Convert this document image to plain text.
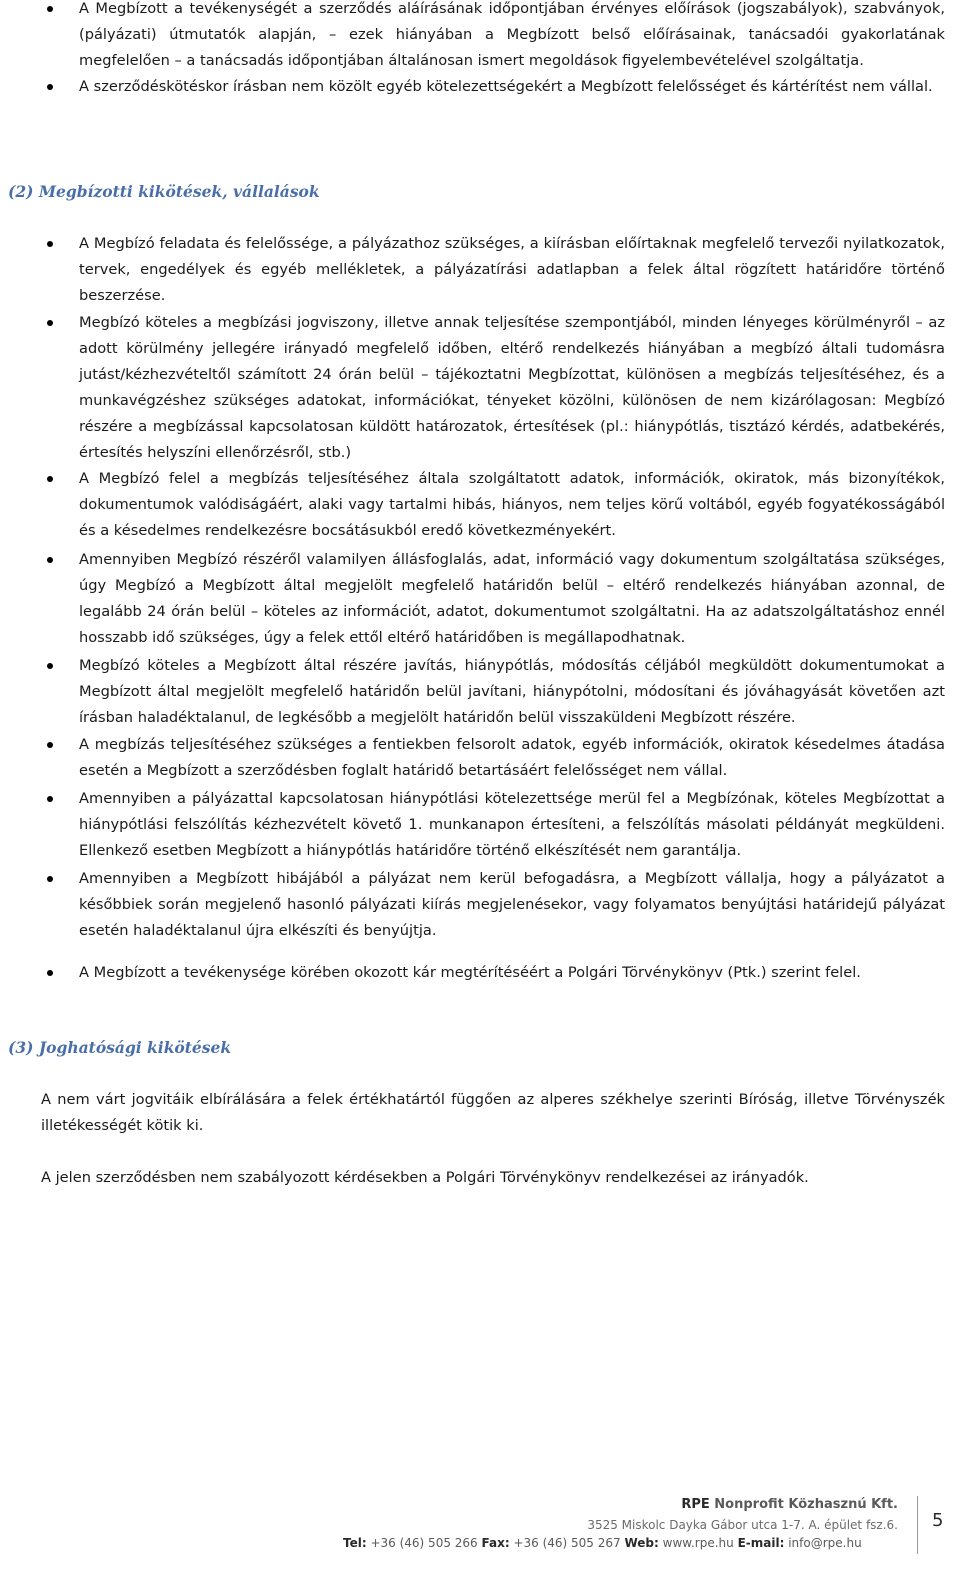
A Megbízott a tevékenységét a szerződés aláírásának időpontjában érvényes előírások (jogszabályok), szabványok, (pályázati) útmutatók alapján, – ezek hiányában a Megbízott belső előírásainak, tanácsadói gyakorlatának megfelelően – a tanácsadás időpontjában általánosan ismert megoldások figyelembevételével szolgáltatja.
A szerződéskötéskor írásban nem közölt egyéb kötelezettségekért a Megbízott felelősséget és kártérítést nem vállal.
(2) Megbízotti kikötések, vállalások
A Megbízó feladata és felelőssége, a pályázathoz szükséges, a kiírásban előírtaknak megfelelő tervezői nyilatkozatok, tervek, engedélyek és egyéb mellékletek, a pályázatírási adatlapban a felek által rögzített határidőre történő beszerzése.
Megbízó köteles a megbízási jogviszony, illetve annak teljesítése szempontjából, minden lényeges körülményről – az adott körülmény jellegére irányadó megfelelő időben, eltérő rendelkezés hiányában a megbízó általi tudomásra jutást/kézhezvételtől számított 24 órán belül – tájékoztatni Megbízottat, különösen a megbízás teljesítéséhez, és a munkavégzéshez szükséges adatokat, információkat, tényeket közölni, különösen de nem kizárólagosan: Megbízó részére a megbízással kapcsolatosan küldött határozatok, értesítések (pl.: hiánypótlás, tisztázó kérdés, adatbekérés, értesítés helyszíni ellenőrzésről, stb.)
A Megbízó felel a megbízás teljesítéséhez általa szolgáltatott adatok, információk, okiratok, más bizonyítékok, dokumentumok valódiságáért, alaki vagy tartalmi hibás, hiányos, nem teljes körű voltából, egyéb fogyatékosságából és a késedelmes rendelkezésre bocsátásukból eredő következményekért.
Amennyiben Megbízó részéről valamilyen állásfoglalás, adat, információ vagy dokumentum szolgáltatása szükséges, úgy Megbízó a Megbízott által megjelölt megfelelő határidőn belül – eltérő rendelkezés hiányában azonnal, de legalább 24 órán belül – köteles az információt, adatot, dokumentumot szolgáltatni. Ha az adatszolgáltatáshoz ennél hosszabb idő szükséges, úgy a felek ettől eltérő határidőben is megállapodhatnak.
Megbízó köteles a Megbízott által részére javítás, hiánypótlás, módosítás céljából megküldött dokumentumokat a Megbízott által megjelölt megfelelő határidőn belül javítani, hiánypótolni, módosítani és jóváhagyását követően azt írásban haladéktalanul, de legkésőbb a megjelölt határidőn belül visszaküldeni Megbízott részére.
A megbízás teljesítéséhez szükséges a fentiekben felsorolt adatok, egyéb információk, okiratok késedelmes átadása esetén a Megbízott a szerződésben foglalt határidő betartásáért felelősséget nem vállal.
Amennyiben a pályázattal kapcsolatosan hiánypótlási kötelezettsége merül fel a Megbízónak, köteles Megbízottat a hiánypótlási felszólítás kézhezvételt követő 1. munkanapon értesíteni, a felszólítás másolati példányát megküldeni. Ellenkező esetben Megbízott a hiánypótlás határidőre történő elkészítését nem garantálja.
Amennyiben a Megbízott hibájából a pályázat nem kerül befogadásra, a Megbízott vállalja, hogy a pályázatot a későbbiek során megjelenő hasonló pályázati kiírás megjelenésekor, vagy folyamatos benyújtási határidejű pályázat esetén haladéktalanul újra elkészíti és benyújtja.
A Megbízott a tevékenysége körében okozott kár megtérítéséért a Polgári Törvénykönyv (Ptk.) szerint felel.
(3) Joghatósági kikötések
A nem várt jogvitáik elbírálására a felek értékhatártól függően az alperes székhelye szerinti Bíróság, illetve Törvényszék illetékességét kötik ki.
A jelen szerződésben nem szabályozott kérdésekben a Polgári Törvénykönyv rendelkezései az irányadók.
RPE Nonprofit Közhasznú Kft.
3525 Miskolc Dayka Gábor utca 1-7. A. épület fsz.6.
Tel: +36 (46) 505 266 Fax: +36 (46) 505 267 Web: www.rpe.hu E-mail: info@rpe.hu
5
